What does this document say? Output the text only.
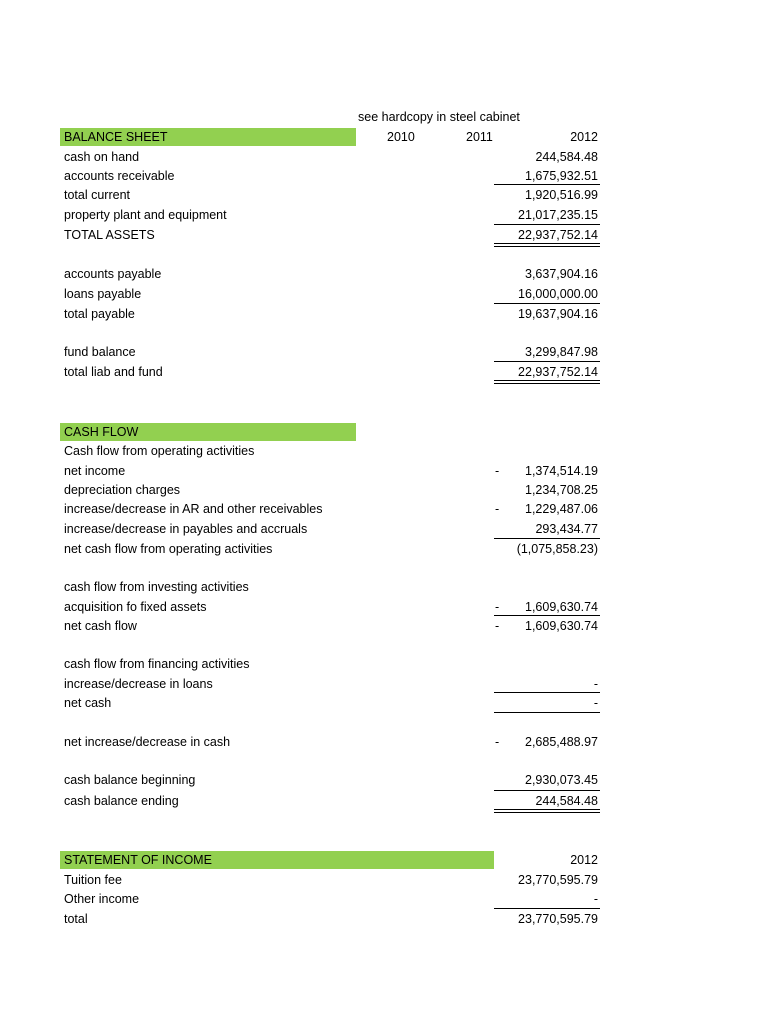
see hardcopy in steel cabinet
BALANCE SHEET	2010	2011	2012
cash on hand	244,584.48
accounts receivable	1,675,932.51
total current	1,920,516.99
property plant and equipment	21,017,235.15
TOTAL ASSETS	22,937,752.14
accounts payable	3,637,904.16
loans payable	16,000,000.00
total payable	19,637,904.16
fund balance	3,299,847.98
total liab and fund	22,937,752.14
CASH FLOW
Cash flow from operating activities
net income	- 1,374,514.19
depreciation charges	1,234,708.25
increase/decrease in AR and other receivables	- 1,229,487.06
increase/decrease in payables and accruals	293,434.77
net cash flow from operating activities	(1,075,858.23)
cash flow from investing activities
acquisition fo fixed assets	- 1,609,630.74
net cash flow	- 1,609,630.74
cash flow from financing activities
increase/decrease in loans	-
net cash	-
net increase/decrease in cash	- 2,685,488.97
cash balance beginning	2,930,073.45
cash balance ending	244,584.48
STATEMENT OF INCOME	2012
Tuition fee	23,770,595.79
Other income	-
total	23,770,595.79
